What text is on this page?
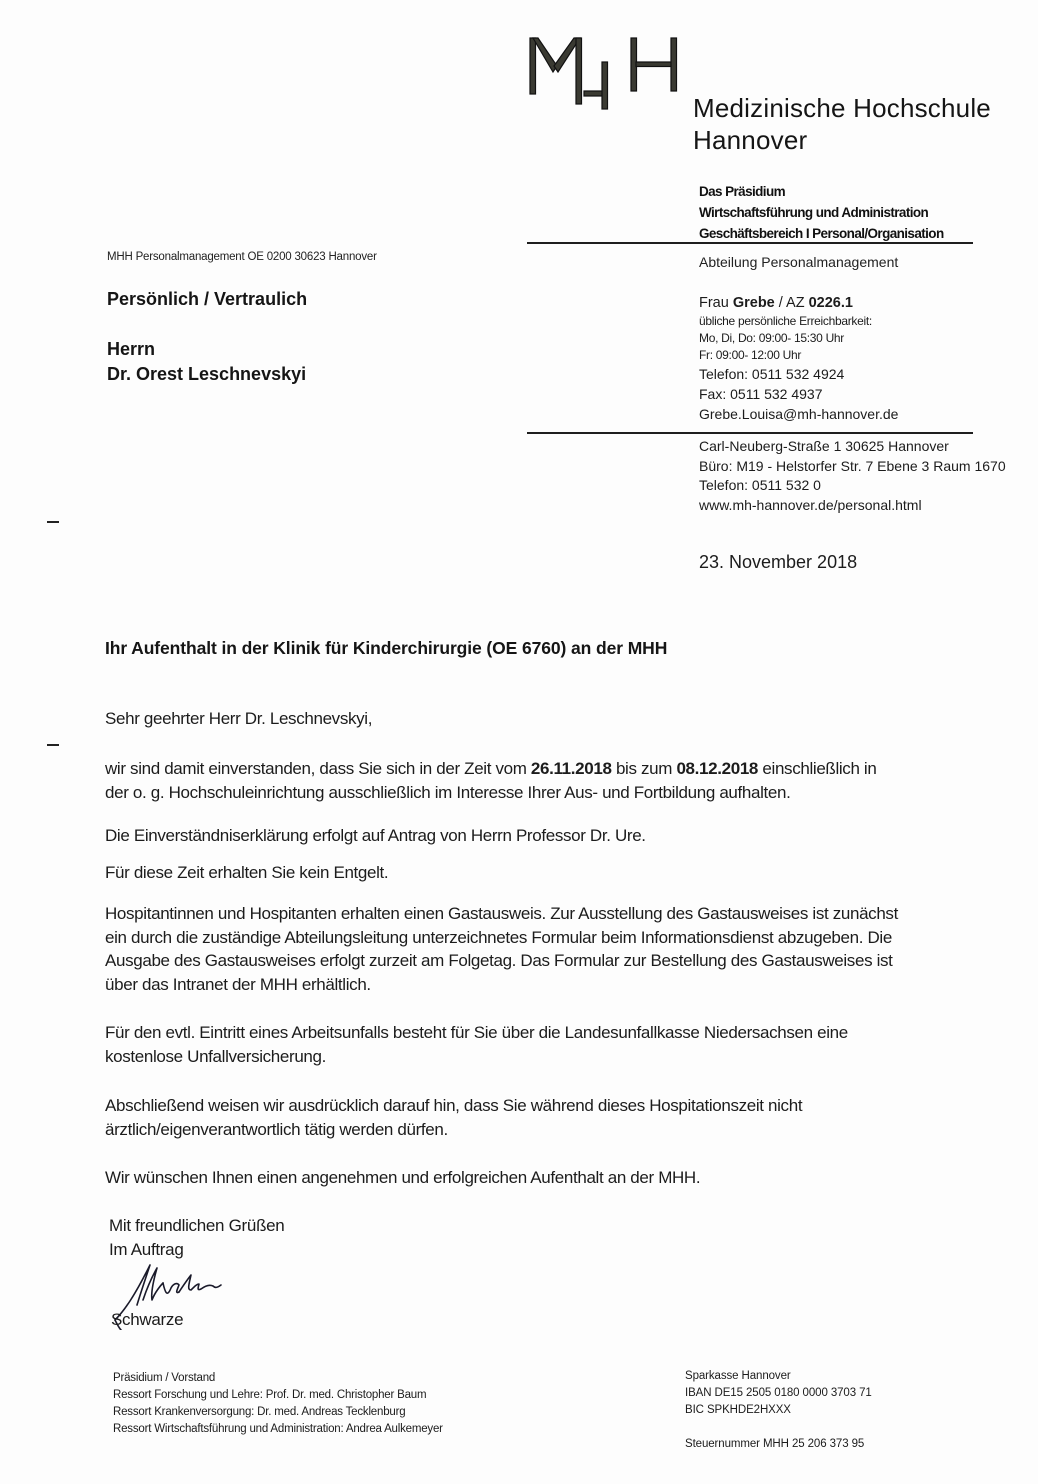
Medizinische Hochschule
Hannover
Das Präsidium
Wirtschaftsführung und Administration
Geschäftsbereich I Personal/Organisation
Abteilung Personalmanagement
Frau Grebe / AZ 0226.1
übliche persönliche Erreichbarkeit:
Mo, Di, Do: 09:00- 15:30 Uhr
Fr: 09:00- 12:00 Uhr
Telefon: 0511 532 4924
Fax: 0511 532 4937
Grebe.Louisa@mh-hannover.de
Carl-Neuberg-Straße 1 30625 Hannover
Büro: M19 - Helstorfer Str. 7 Ebene 3 Raum 1670
Telefon: 0511 532 0
www.mh-hannover.de/personal.html
23. November 2018
MHH Personalmanagement OE 0200 30623 Hannover
Persönlich / Vertraulich
Herrn
Dr. Orest Leschnevskyi
Ihr Aufenthalt in der Klinik für Kinderchirurgie (OE 6760) an der MHH
Sehr geehrter Herr Dr. Leschnevskyi,
wir sind damit einverstanden, dass Sie sich in der Zeit vom 26.11.2018 bis zum 08.12.2018 einschließlich in
der o. g. Hochschuleinrichtung ausschließlich im Interesse Ihrer Aus- und Fortbildung aufhalten.
Die Einverständniserklärung erfolgt auf Antrag von Herrn Professor Dr. Ure.
Für diese Zeit erhalten Sie kein Entgelt.
Hospitantinnen und Hospitanten erhalten einen Gastausweis. Zur Ausstellung des Gastausweises ist zunächst
ein durch die zuständige Abteilungsleitung unterzeichnetes Formular beim Informationsdienst abzugeben. Die
Ausgabe des Gastausweises erfolgt zurzeit am Folgetag. Das Formular zur Bestellung des Gastausweises ist
über das Intranet der MHH erhältlich.
Für den evtl. Eintritt eines Arbeitsunfalls besteht für Sie über die Landesunfallkasse Niedersachsen eine
kostenlose Unfallversicherung.
Abschließend weisen wir ausdrücklich darauf hin, dass Sie während dieses Hospitationszeit nicht
ärztlich/eigenverantwortlich tätig werden dürfen.
Wir wünschen Ihnen einen angenehmen und erfolgreichen Aufenthalt an der MHH.
Mit freundlichen Grüßen
Im Auftrag
Schwarze
Präsidium / Vorstand
Ressort Forschung und Lehre: Prof. Dr. med. Christopher Baum
Ressort Krankenversorgung: Dr. med. Andreas Tecklenburg
Ressort Wirtschaftsführung und Administration: Andrea Aulkemeyer
Sparkasse Hannover
IBAN DE15 2505 0180 0000 3703 71
BIC SPKHDE2HXXX
Steuernummer MHH 25 206 373 95
